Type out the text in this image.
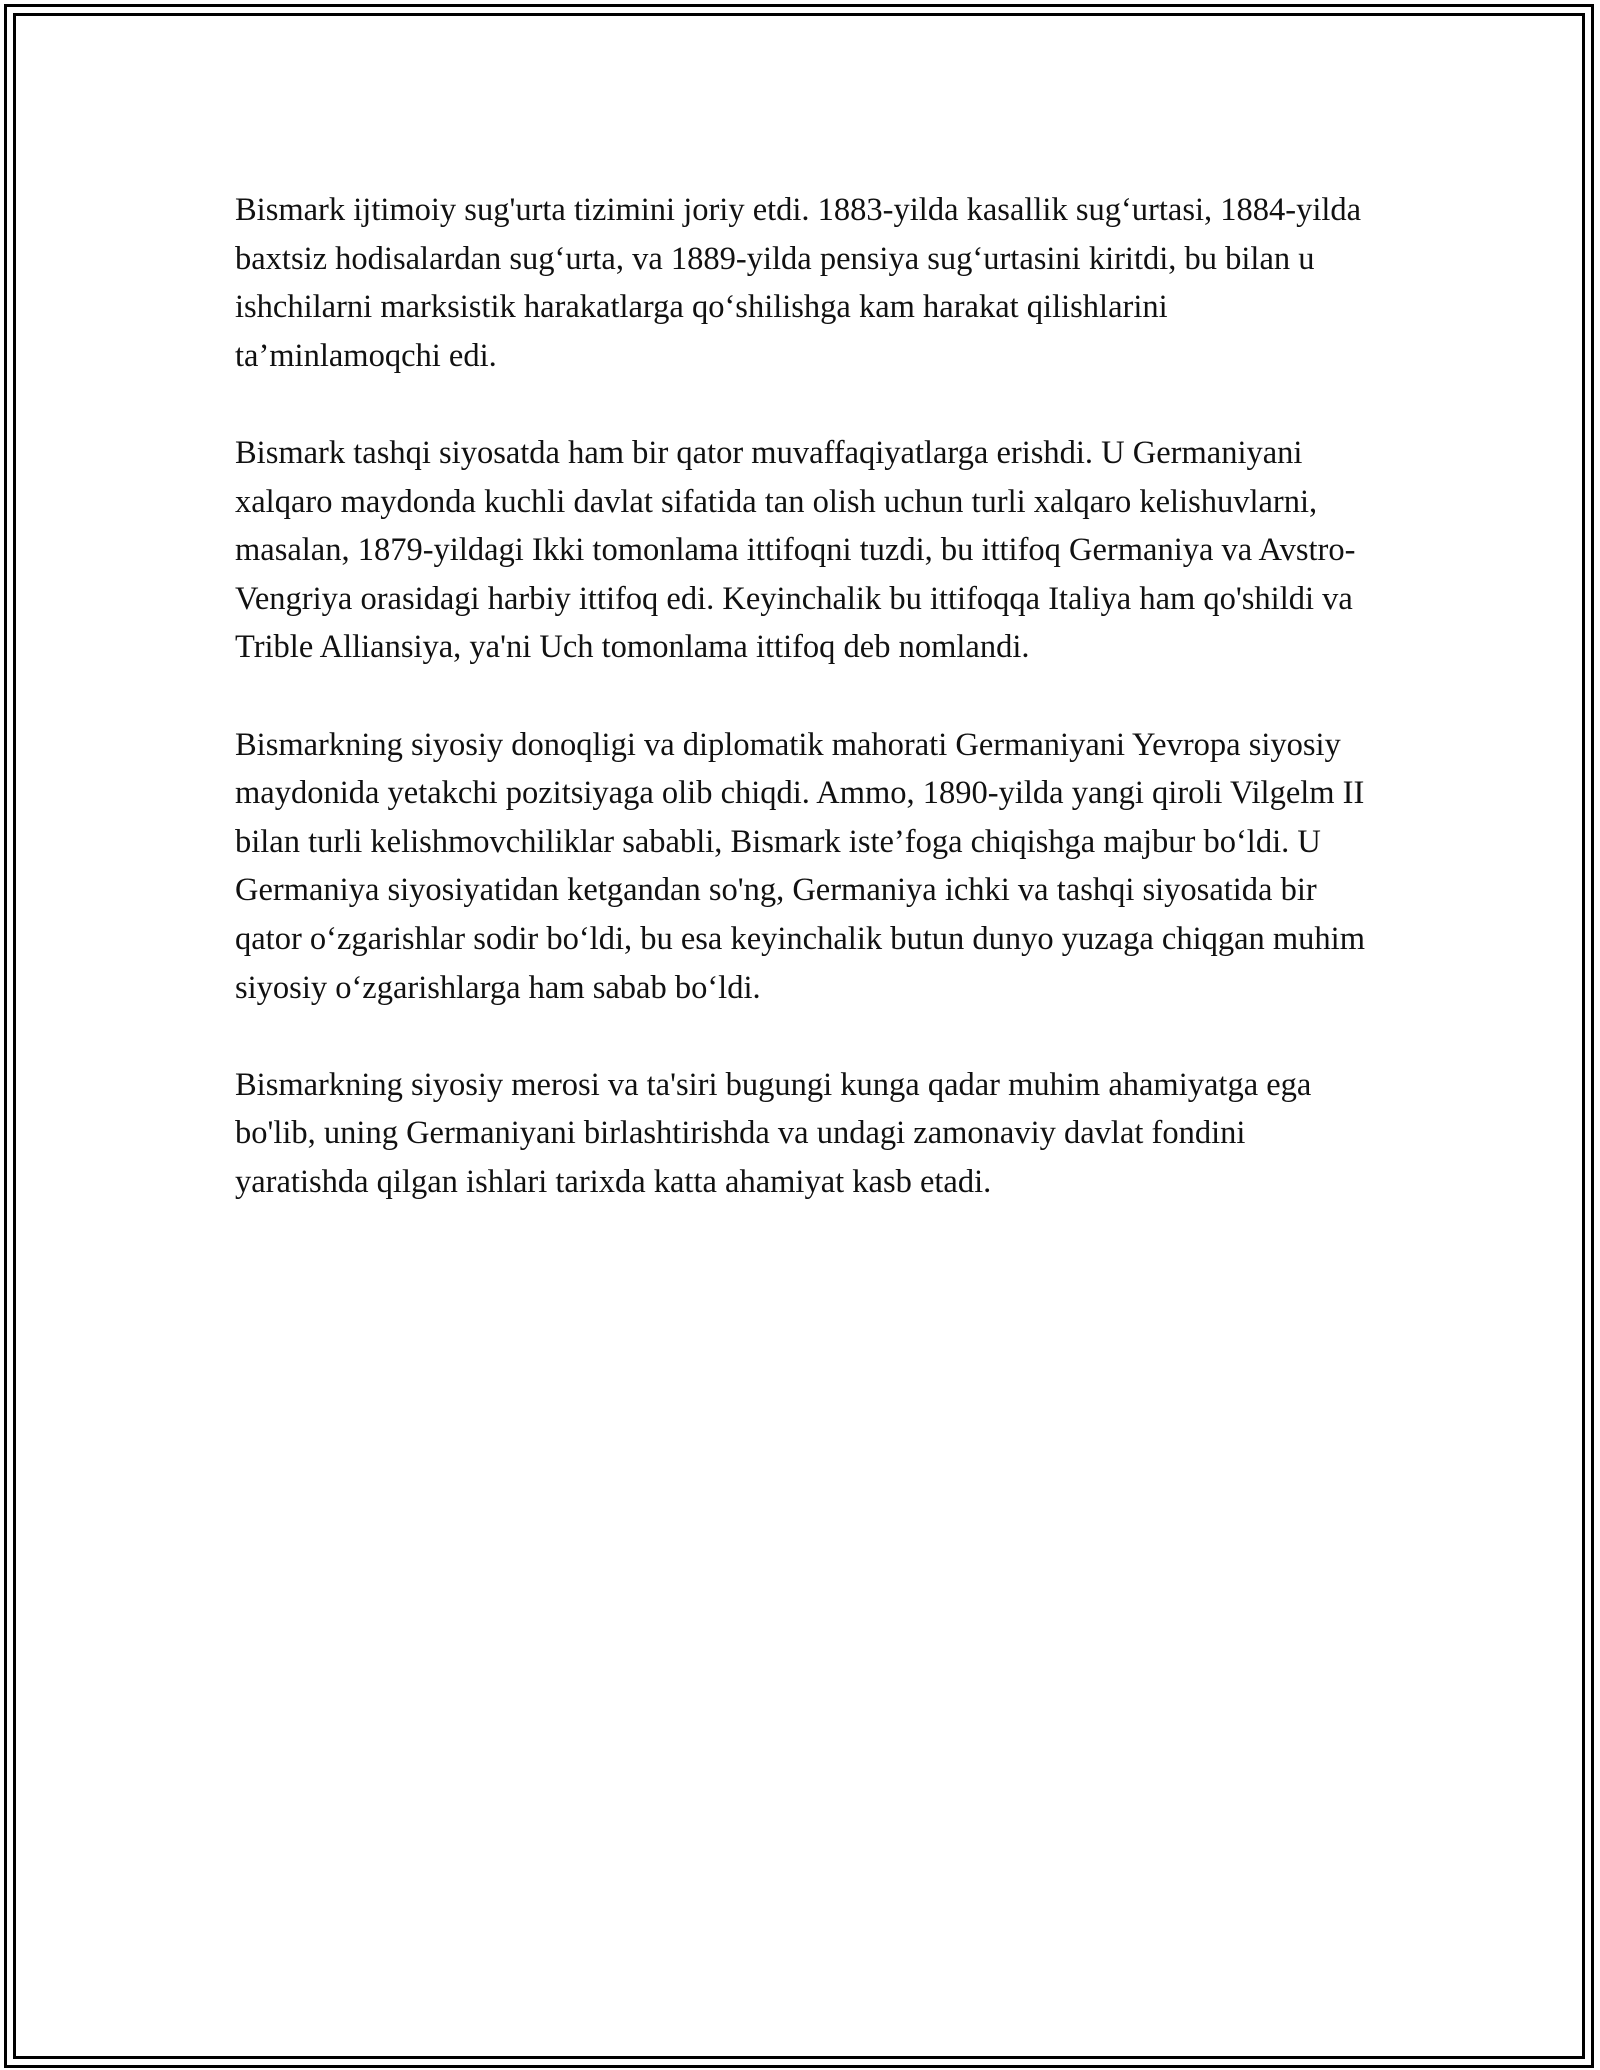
Bismark ijtimoiy sug'urta tizimini joriy etdi. 1883-yilda kasallik sug‘urtasi, 1884-yilda baxtsiz hodisalardan sug‘urta, va 1889-yilda pensiya sug‘urtasini kiritdi, bu bilan u ishchilarni marksistik harakatlarga qo‘shilishga kam harakat qilishlarini ta’minlamoqchi edi.

Bismark tashqi siyosatda ham bir qator muvaffaqiyatlarga erishdi. U Germaniyani xalqaro maydonda kuchli davlat sifatida tan olish uchun turli xalqaro kelishuvlarni, masalan, 1879-yildagi Ikki tomonlama ittifoqni tuzdi, bu ittifoq Germaniya va Avstro-Vengriya orasidagi harbiy ittifoq edi. Keyinchalik bu ittifoqqa Italiya ham qo'shildi va Trible Alliansiya, ya'ni Uch tomonlama ittifoq deb nomlandi.

Bismarkning siyosiy donoqligi va diplomatik mahorati Germaniyani Yevropa siyosiy maydonida yetakchi pozitsiyaga olib chiqdi. Ammo, 1890-yilda yangi qiroli Vilgelm II bilan turli kelishmovchiliklar sababli, Bismark iste’foga chiqishga majbur bo‘ldi. U Germaniya siyosiyatidan ketgandan so'ng, Germaniya ichki va tashqi siyosatida bir qator o‘zgarishlar sodir bo‘ldi, bu esa keyinchalik butun dunyo yuzaga chiqgan muhim siyosiy o‘zgarishlarga ham sabab bo‘ldi.

Bismarkning siyosiy merosi va ta'siri bugungi kunga qadar muhim ahamiyatga ega bo'lib, uning Germaniyani birlashtirishda va undagi zamonaviy davlat fondini yaratishda qilgan ishlari tarixda katta ahamiyat kasb etadi.
